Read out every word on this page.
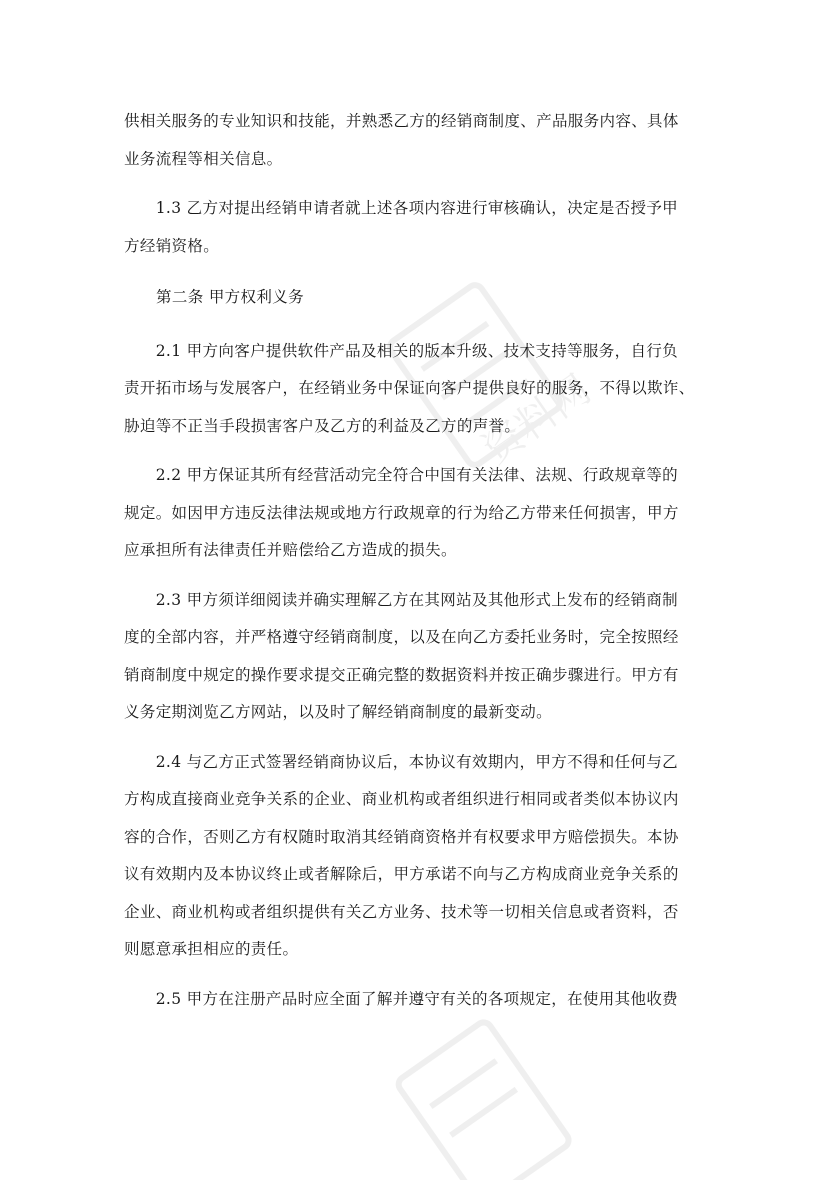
资料网

供相关服务的专业知识和技能，并熟悉乙方的经销商制度、产品服务内容、具体
业务流程等相关信息。

　　1.3 乙方对提出经销申请者就上述各项内容进行审核确认，决定是否授予甲
方经销资格。

第二条 甲方权利义务

　　2.1 甲方向客户提供软件产品及相关的版本升级、技术支持等服务，自行负
责开拓市场与发展客户，在经销业务中保证向客户提供良好的服务，不得以欺诈、
胁迫等不正当手段损害客户及乙方的利益及乙方的声誉。

　　2.2 甲方保证其所有经营活动完全符合中国有关法律、法规、行政规章等的
规定。如因甲方违反法律法规或地方行政规章的行为给乙方带来任何损害，甲方
应承担所有法律责任并赔偿给乙方造成的损失。

　　2.3 甲方须详细阅读并确实理解乙方在其网站及其他形式上发布的经销商制
度的全部内容，并严格遵守经销商制度，以及在向乙方委托业务时，完全按照经
销商制度中规定的操作要求提交正确完整的数据资料并按正确步骤进行。甲方有
义务定期浏览乙方网站，以及时了解经销商制度的最新变动。

　　2.4 与乙方正式签署经销商协议后，本协议有效期内，甲方不得和任何与乙
方构成直接商业竞争关系的企业、商业机构或者组织进行相同或者类似本协议内
容的合作，否则乙方有权随时取消其经销商资格并有权要求甲方赔偿损失。本协
议有效期内及本协议终止或者解除后，甲方承诺不向与乙方构成商业竞争关系的
企业、商业机构或者组织提供有关乙方业务、技术等一切相关信息或者资料，否
则愿意承担相应的责任。

　　2.5 甲方在注册产品时应全面了解并遵守有关的各项规定，在使用其他收费
